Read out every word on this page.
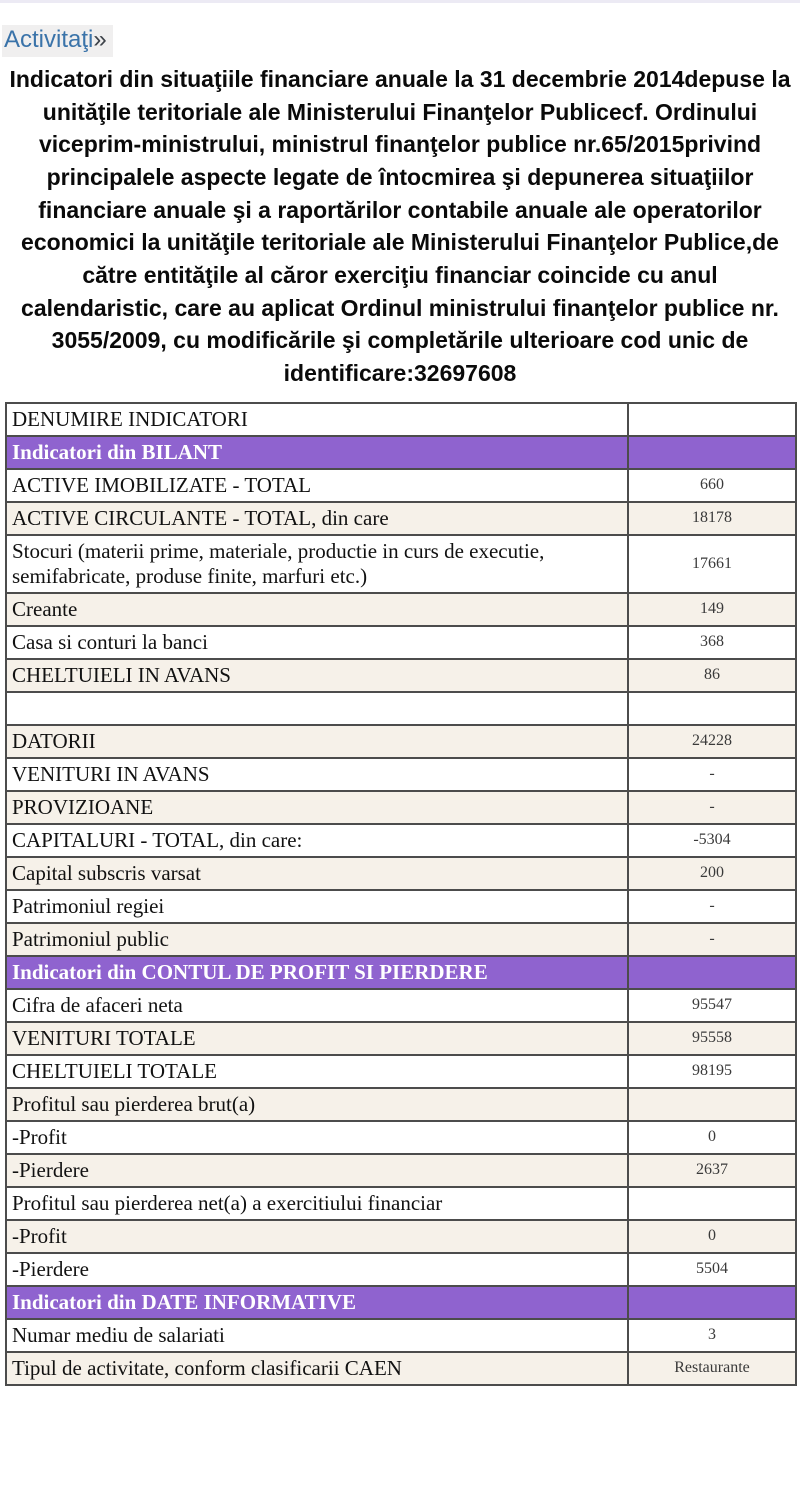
Activitaţi»
Indicatori din situaţiile financiare anuale la 31 decembrie 2014depuse la unităţile teritoriale ale Ministerului Finanţelor Publicecf. Ordinului viceprim-ministrului, ministrul finanţelor publice nr.65/2015privind principalele aspecte legate de întocmirea şi depunerea situaţiilor financiare anuale şi a raportărilor contabile anuale ale operatorilor economici la unităţile teritoriale ale Ministerului Finanţelor Publice,de către entităţile al căror exerciţiu financiar coincide cu anul calendaristic, care au aplicat Ordinul ministrului finanţelor publice nr. 3055/2009, cu modificările şi completările ulterioare cod unic de identificare:32697608
DENUMIRE INDICATORI	
Indicatori din BILANT	
ACTIVE IMOBILIZATE - TOTAL	660
ACTIVE CIRCULANTE - TOTAL, din care	18178
Stocuri (materii prime, materiale, productie in curs de executie, semifabricate, produse finite, marfuri etc.)	17661
Creante	149
Casa si conturi la banci	368
CHELTUIELI IN AVANS	86

DATORII	24228
VENITURI IN AVANS	-
PROVIZIOANE	-
CAPITALURI - TOTAL, din care:	-5304
Capital subscris varsat	200
Patrimoniul regiei	-
Patrimoniul public	-
Indicatori din CONTUL DE PROFIT SI PIERDERE	
Cifra de afaceri neta	95547
VENITURI TOTALE	95558
CHELTUIELI TOTALE	98195
Profitul sau pierderea brut(a)	
-Profit	0
-Pierdere	2637
Profitul sau pierderea net(a) a exercitiului financiar	
-Profit	0
-Pierdere	5504
Indicatori din DATE INFORMATIVE	
Numar mediu de salariati	3
Tipul de activitate, conform clasificarii CAEN	Restaurante
